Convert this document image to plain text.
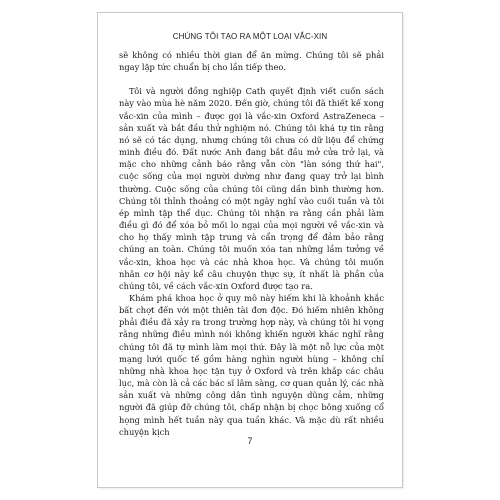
CHÚNG TÔI TẠO RA MỘT LOẠI VẮC-XIN

sẽ không có nhiều thời gian để ăn mừng. Chúng tôi sẽ phải ngay lập tức chuẩn bị cho lần tiếp theo.

Tôi và người đồng nghiệp Cath quyết định viết cuốn sách này vào mùa hè năm 2020. Đến giờ, chúng tôi đã thiết kế xong vắc-xin của mình – được gọi là vắc-xin Oxford AstraZeneca – sản xuất và bắt đầu thử nghiệm nó. Chúng tôi khá tự tin rằng nó sẽ có tác dụng, nhưng chúng tôi chưa có dữ liệu để chứng minh điều đó. Đất nước Anh đang bắt đầu mở cửa trở lại, và mặc cho những cảnh báo rằng vẫn còn "làn sóng thứ hai", cuộc sống của mọi người dường như đang quay trở lại bình thường. Cuộc sống của chúng tôi cũng dần bình thường hơn. Chúng tôi thỉnh thoảng có một ngày nghỉ vào cuối tuần và tôi ép mình tập thể dục. Chúng tôi nhận ra rằng cần phải làm điều gì đó để xóa bỏ mối lo ngại của mọi người về vắc-xin và cho họ thấy mình tập trung và cẩn trọng để đảm bảo rằng chúng an toàn. Chúng tôi muốn xóa tan những lầm tưởng về vắc-xin, khoa học và các nhà khoa học. Và chúng tôi muốn nhân cơ hội này kể câu chuyện thực sự, ít nhất là phần của chúng tôi, về cách vắc-xin Oxford được tạo ra.

Khám phá khoa học ở quy mô này hiếm khi là khoảnh khắc bất chợt đến với một thiên tài đơn độc. Đó hiếm nhiên không phải điều đã xảy ra trong trường hợp này, và chúng tôi hi vọng rằng những điều mình nói không khiến người khác nghĩ rằng chúng tôi đã tự mình làm mọi thứ. Đây là một nỗ lực của một mạng lưới quốc tế gồm hàng nghìn người hùng – không chỉ những nhà khoa học tận tụy ở Oxford và trên khắp các châu lục, mà còn là cả các bác sĩ lâm sàng, cơ quan quản lý, các nhà sản xuất và những công dân tình nguyện dũng cảm, những người đã giúp đỡ chúng tôi, chấp nhận bị chọc bông xuống cổ họng mình hết tuần này qua tuần khác. Và mặc dù rất nhiều chuyện kịch

7
